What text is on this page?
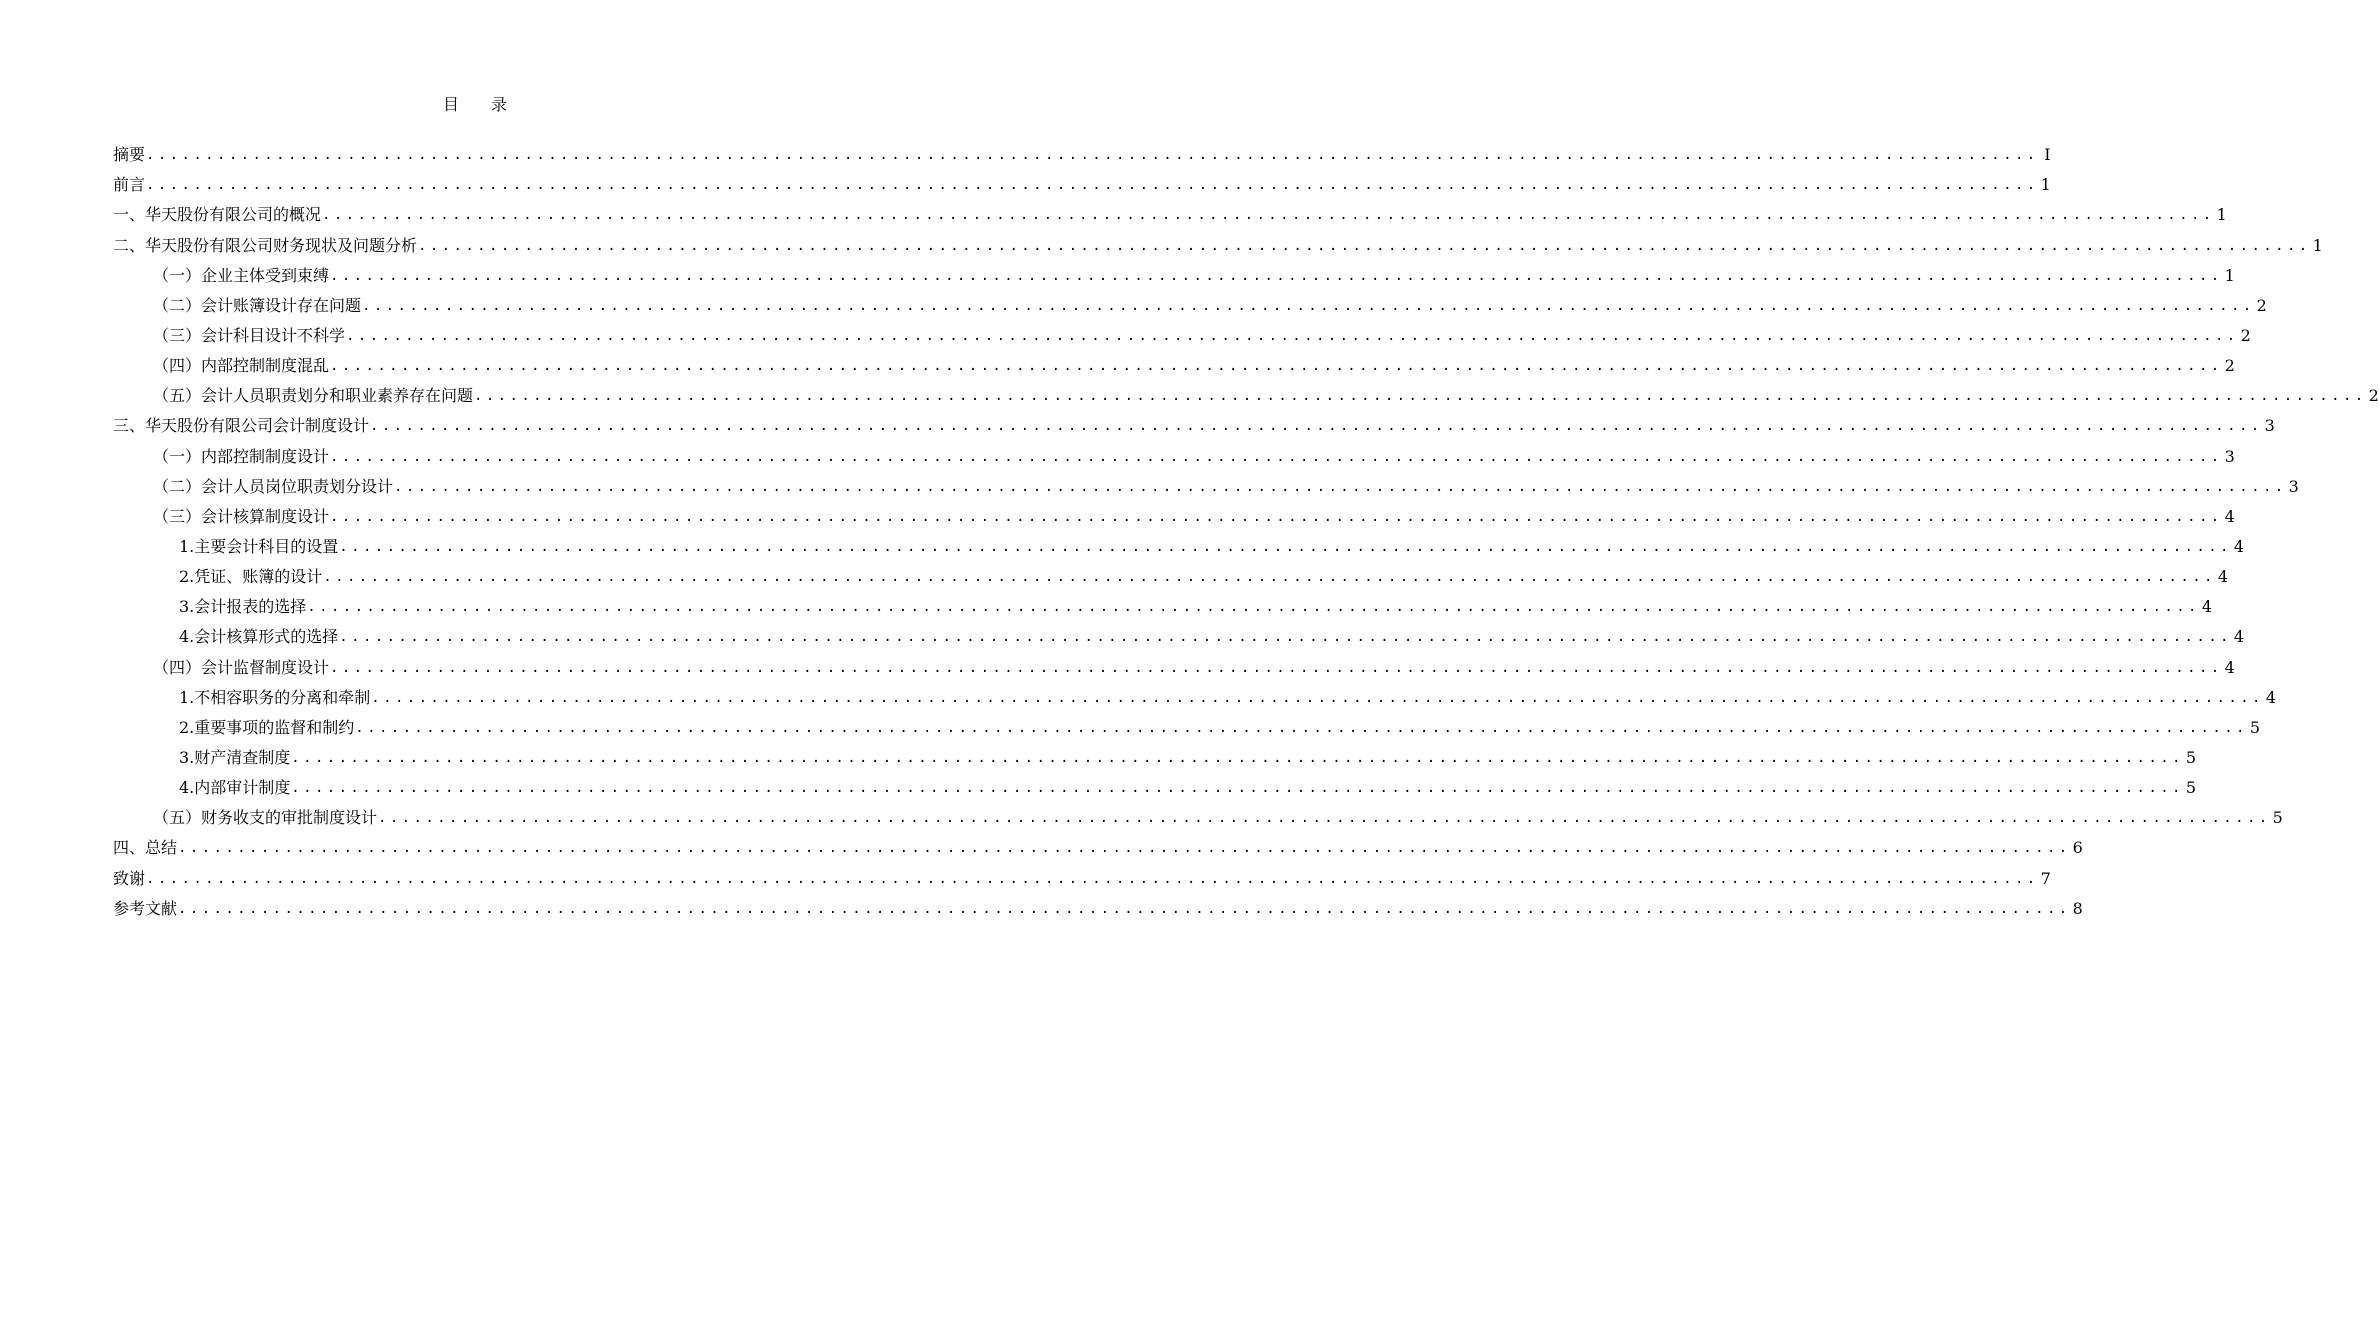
目　　录
摘要 ................................................................................................................................................................ I
前言 ................................................................................................................................................................ 1
一、华天股份有限公司的概况 ................................................................................................................................................................ 1
二、华天股份有限公司财务现状及问题分析 ................................................................................................................................................................ 1
（一）企业主体受到束缚 ................................................................................................................................................................ 1
（二）会计账簿设计存在问题 ................................................................................................................................................................ 2
（三）会计科目设计不科学 ................................................................................................................................................................ 2
（四）内部控制制度混乱 ................................................................................................................................................................ 2
（五）会计人员职责划分和职业素养存在问题 ................................................................................................................................................................ 2
三、华天股份有限公司会计制度设计 ................................................................................................................................................................ 3
（一）内部控制制度设计 ................................................................................................................................................................ 3
（二）会计人员岗位职责划分设计 ................................................................................................................................................................ 3
（三）会计核算制度设计 ................................................................................................................................................................ 4
1.主要会计科目的设置 ................................................................................................................................................................ 4
2.凭证、账簿的设计 ................................................................................................................................................................ 4
3.会计报表的选择 ................................................................................................................................................................ 4
4.会计核算形式的选择 ................................................................................................................................................................ 4
（四）会计监督制度设计 ................................................................................................................................................................ 4
1.不相容职务的分离和牵制 ................................................................................................................................................................ 4
2.重要事项的监督和制约 ................................................................................................................................................................ 5
3.财产清查制度 ................................................................................................................................................................ 5
4.内部审计制度 ................................................................................................................................................................ 5
（五）财务收支的审批制度设计 ................................................................................................................................................................ 5
四、总结 ................................................................................................................................................................ 6
致谢 ................................................................................................................................................................ 7
参考文献 ................................................................................................................................................................ 8
